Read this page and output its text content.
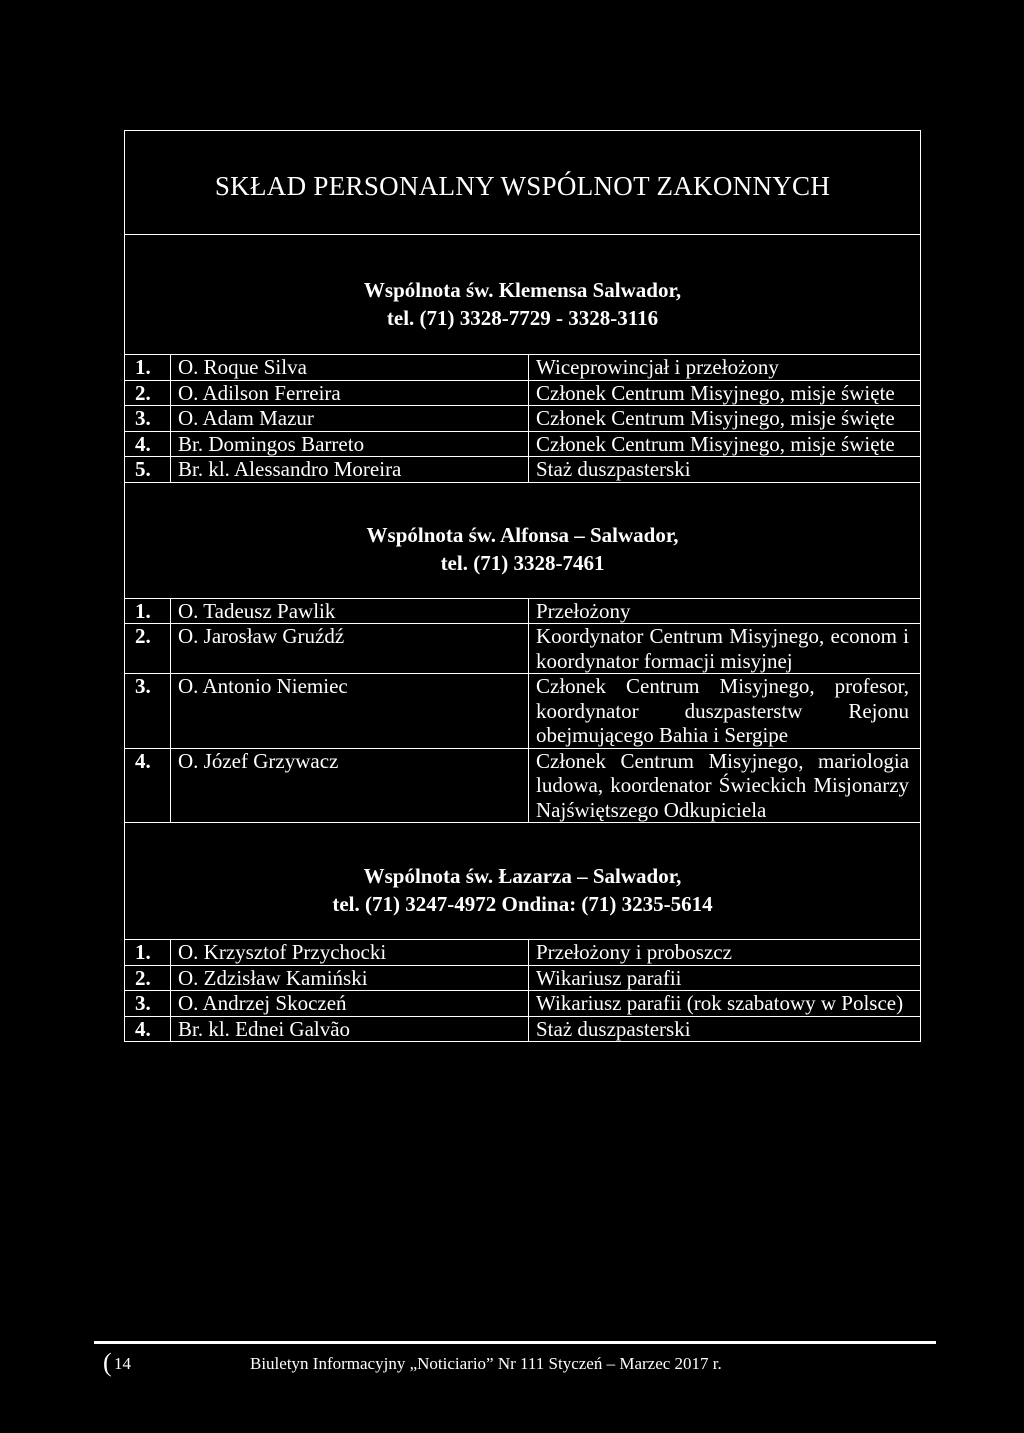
SKŁAD PERSONALNY WSPÓLNOT ZAKONNYCH		

Wspólnota św. Klemensa Salwador,
tel. (71) 3328-7729 - 3328-3116		

1.	O. Roque Silva	Wiceprowincjał i przełożony
2.	O. Adilson Ferreira	Członek Centrum Misyjnego, misje święte
3.	O. Adam Mazur	Członek Centrum Misyjnego, misje święte
4.	Br. Domingos Barreto	Członek Centrum Misyjnego, misje święte
5.	Br. kl. Alessandro Moreira	Staż duszpasterski

Wspólnota św. Alfonsa – Salwador,
tel. (71) 3328-7461		

1.	O. Tadeusz Pawlik	Przełożony
2.	O. Jarosław Gruźdź	Koordynator Centrum Misyjnego, econom i koordynator formacji misyjnej
3.	O. Antonio Niemiec	Członek Centrum Misyjnego, profesor, koordynator duszpasterstw Rejonu obejmującego Bahia i Sergipe
4.	O. Józef Grzywacz	Członek Centrum Misyjnego, mariologia ludowa, koordenator Świeckich Misjonarzy Najświętszego Odkupiciela

Wspólnota św. Łazarza – Salwador,
tel. (71) 3247-4972 Ondina: (71) 3235-5614		

1.	O. Krzysztof Przychocki	Przełożony i proboszcz
2.	O. Zdzisław Kamiński	Wikariusz parafii
3.	O. Andrzej Skoczeń	Wikariusz parafii (rok szabatowy w Polsce)
4.	Br. kl. Ednei Galvão	Staż duszpasterski
( 14	Biuletyn Informacyjny „Noticiario” Nr 111 Styczeń – Marzec 2017 r.
